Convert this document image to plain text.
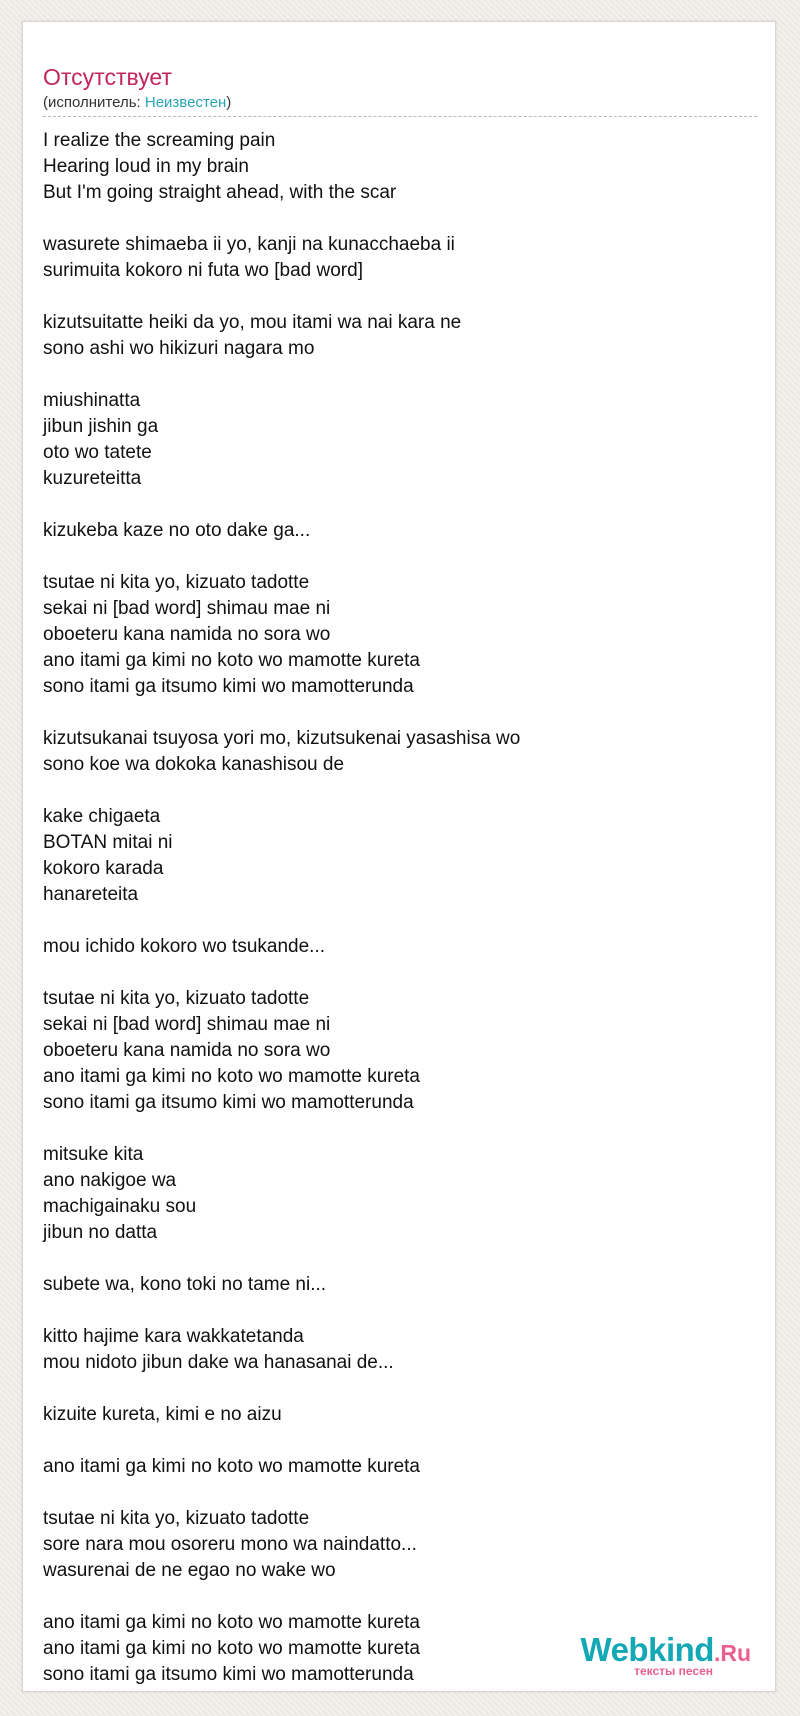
Отсутствует
(исполнитель: Неизвестен)
I realize the screaming pain
Hearing loud in my brain
But I'm going straight ahead, with the scar
wasurete shimaeba ii yo, kanji na kunacchaeba ii
surimuita kokoro ni futa wo [bad word]
kizutsuitatte heiki da yo, mou itami wa nai kara ne
sono ashi wo hikizuri nagara mo
miushinatta
jibun jishin ga
oto wo tatete
kuzureteitta
kizukeba kaze no oto dake ga...
tsutae ni kita yo, kizuato tadotte
sekai ni [bad word] shimau mae ni
oboeteru kana namida no sora wo
ano itami ga kimi no koto wo mamotte kureta
sono itami ga itsumo kimi wo mamotterunda
kizutsukanai tsuyosa yori mo, kizutsukenai yasashisa wo
sono koe wa dokoka kanashisou de
kake chigaeta
BOTAN mitai ni
kokoro karada
hanareteita
mou ichido kokoro wo tsukande...
tsutae ni kita yo, kizuato tadotte
sekai ni [bad word] shimau mae ni
oboeteru kana namida no sora wo
ano itami ga kimi no koto wo mamotte kureta
sono itami ga itsumo kimi wo mamotterunda
mitsuke kita
ano nakigoe wa
machigainaku sou
jibun no datta
subete wa, kono toki no tame ni...
kitto hajime kara wakkatetanda
mou nidoto jibun dake wa hanasanai de...
kizuite kureta, kimi e no aizu
ano itami ga kimi no koto wo mamotte kureta
tsutae ni kita yo, kizuato tadotte
sore nara mou osoreru mono wa naindatto...
wasurenai de ne egao no wake wo
ano itami ga kimi no koto wo mamotte kureta
ano itami ga kimi no koto wo mamotte kureta
sono itami ga itsumo kimi wo mamotterunda
Webkind.Ru
тексты песен
